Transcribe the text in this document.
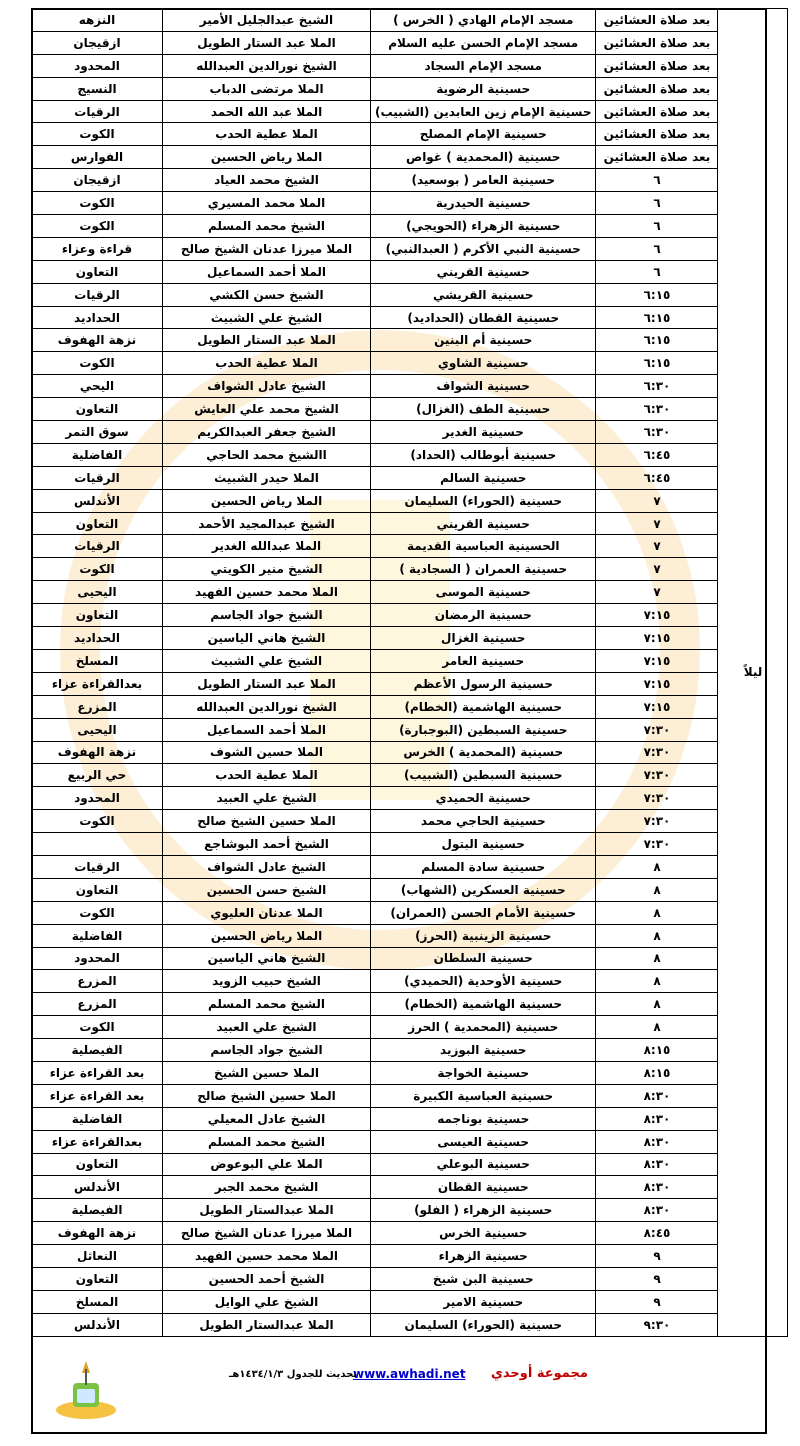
ليلاً	بعد صلاة العشائين	مسجد الإمام الهادي ( الخرس )	الشيخ عبدالجليل الأمير	النزهه
	بعد صلاة العشائين	مسجد الإمام الحسن عليه السلام	الملا عبد الستار الطويل	ازقيجان
	بعد صلاة العشائين	مسجد الإمام السجاد	الشيخ نورالدين العبدالله	المحدود
	بعد صلاة العشائين	حسينية الرضوية	الملا مرتضى الدباب	النسيج
	بعد صلاة العشائين	حسينية الإمام زين العابدين (الشبيب)	الملا عبد الله الحمد	الرقيات
	بعد صلاة العشائين	حسينية الإمام المصلح	الملا عطية الحدب	الكوت
	بعد صلاة العشائين	حسينية (المحمدية ) غواص	الملا رياض الحسين	الفوارس
	٦	حسينية العامر ( بوسعيد)	الشيخ محمد العياد	ازقيجان
	٦	حسينية الحيدرية	الملا محمد المسيري	الكوت
	٦	حسينية الزهراء (الحويجي)	الشيخ محمد المسلم	الكوت
	٦	حسينية النبي الأكرم ( العبدالنبي)	الملا ميرزا عدنان الشيخ صالح	قراءة وعزاء
	٦	حسينية القريني	الملا أحمد السماعيل	التعاون
	٦:١٥	حسينية القريشي	الشيخ حسن الكشي	الرقيات
	٦:١٥	حسينية القطان (الحداديد)	الشيخ علي الشبيث	الحداديد
	٦:١٥	حسينية أم البنين	الملا عبد الستار الطويل	نزهة الهفوف
	٦:١٥	حسينية الشاوي	الملا عطية الحدب	الكوت
	٦:٣٠	حسينية الشواف	الشيخ عادل الشواف	اليحي
	٦:٣٠	حسينية الطف (الغزال)	الشيخ محمد علي العايش	التعاون
	٦:٣٠	حسينية الغدير	الشيخ جعفر العبدالكريم	سوق التمر
	٦:٤٥	حسينية أبوطالب (الحداد)	االشيخ محمد الحاجي	الفاضلية
	٦:٤٥	حسينية السالم	الملا حيدر الشبيث	الرقيات
	٧	حسينية (الحوراء) السليمان	الملا رياض الحسين	الأندلس
	٧	حسينية القريني	الشيخ عبدالمجيد الأحمد	التعاون
	٧	الحسينية العباسية القديمة	الملا عبدالله الغدير	الرقيات
	٧	حسينية العمران ( السجادية )	الشيخ منير الكويتي	الكوت
	٧	حسينية الموسى	الملا محمد حسين الفهيد	اليحيى
	٧:١٥	حسينية الرمضان	الشيخ جواد الجاسم	التعاون
	٧:١٥	حسينية الغزال	الشيخ هاني الياسين	الحداديد
	٧:١٥	حسينية العامر	الشيخ علي الشبيث	المسلخ
	٧:١٥	حسينية الرسول الأعظم	الملا عبد الستار الطويل	بعدالقراءة عزاء
	٧:١٥	حسينية الهاشمية (الخطام)	الشيخ نورالدين العبدالله	المزرع
	٧:٣٠	حسينية السبطين (البوجبارة)	الملا أحمد السماعيل	اليحيى
	٧:٣٠	حسينية (المحمدية ) الخرس	الملا حسين الشوف	نزهة الهفوف
	٧:٣٠	حسينية السبطين (الشبيب)	الملا عطية الحدب	حي الربيع
	٧:٣٠	حسينية الحميدي	الشيخ علي العبيد	المحدود
	٧:٣٠	حسينية الحاجي محمد	الملا حسين الشيخ صالح	الكوت
	٧:٣٠	حسينية البتول	الشيخ أحمد البوشاجع	
	٨	حسينية سادة المسلم	الشيخ عادل الشواف	الرقيات
	٨	حسينية العسكرين (الشهاب)	الشيخ حسن الحسين	التعاون
	٨	حسينية الأمام الحسن (العمران)	الملا عدنان العليوي	الكوت
	٨	حسينية الزينبية (الحرز)	الملا رياض الحسين	الفاضلية
	٨	حسينية السلطان	الشيخ هاني الياسين	المحدود
	٨	حسينية الأوحدية (الحميدي)	الشيخ حبيب الزويد	المزرع
	٨	حسينية الهاشمية (الخطام)	الشيخ محمد المسلم	المزرع
	٨	حسينية (المحمدية ) الحرز	الشيخ علي العبيد	الكوت
	٨:١٥	حسينية البوزيد	الشيخ جواد الجاسم	الفيصلية
	٨:١٥	حسينية الخواجة	الملا حسين الشيخ	بعد القراءة عزاء
	٨:٣٠	حسينية العباسية الكبيرة	الملا حسين الشيخ صالح	بعد القراءة عزاء
	٨:٣٠	حسينية بوناجمه	الشيخ عادل المعيلي	الفاضلية
	٨:٣٠	حسينية العيسى	الشيخ محمد المسلم	بعدالقراءة عزاء
	٨:٣٠	حسينية البوعلي	الملا علي البوعوض	التعاون
	٨:٣٠	حسينية القطان	الشيخ محمد الجبر	الأندلس
	٨:٣٠	حسينية الزهراء ( الفلو)	الملا عبدالستار الطويل	الفيصلية
	٨:٤٥	حسينية الخرس	الملا ميرزا عدنان الشيخ صالح	نزهة الهفوف
	٩	حسينية الزهراء	الملا محمد حسين الفهيد	النعاثل
	٩	حسينية البن شيخ	الشيخ أحمد الحسين	التعاون
	٩	حسينية الامير	الشيخ علي الوايل	المسلخ
	٩:٣٠	حسينية (الحوراء) السليمان	الملا عبدالستار الطويل	الأندلس
مجموعة أوحدي
www.awhadi.net
تحديث للجدول ١٤٣٤/١/٣هـ
